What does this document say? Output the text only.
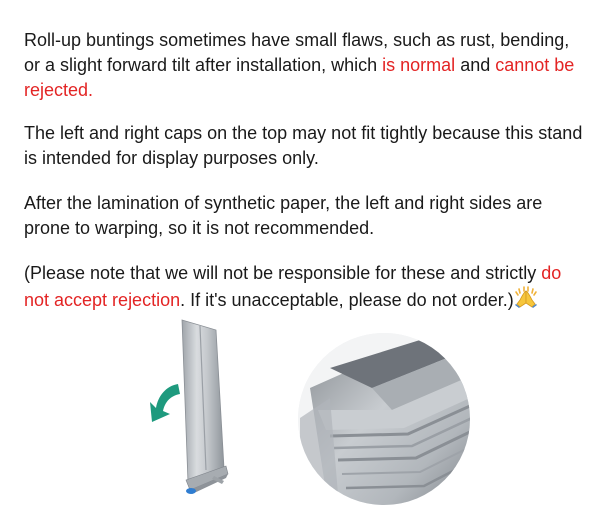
Roll-up buntings sometimes have small flaws, such as rust, bending, or a slight forward tilt after installation, which is normal and cannot be rejected.

The left and right caps on the top may not fit tightly because this stand is intended for display purposes only.

After the lamination of synthetic paper, the left and right sides are prone to warping, so it is not recommended.

(Please note that we will not be responsible for these and strictly do not accept rejection. If it's unacceptable, please do not order.)
